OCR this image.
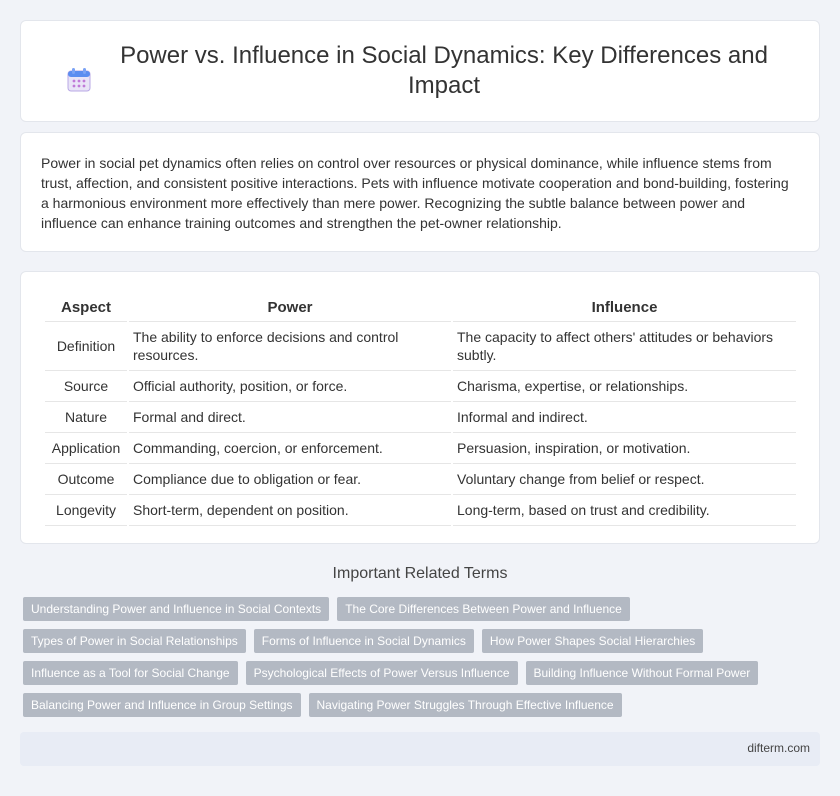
Power vs. Influence in Social Dynamics: Key Differences and Impact

Power in social pet dynamics often relies on control over resources or physical dominance, while influence stems from trust, affection, and consistent positive interactions. Pets with influence motivate cooperation and bond-building, fostering a harmonious environment more effectively than mere power. Recognizing the subtle balance between power and influence can enhance training outcomes and strengthen the pet-owner relationship.

Aspect	Power	Influence
Definition	The ability to enforce decisions and control resources.	The capacity to affect others' attitudes or behaviors subtly.
Source	Official authority, position, or force.	Charisma, expertise, or relationships.
Nature	Formal and direct.	Informal and indirect.
Application	Commanding, coercion, or enforcement.	Persuasion, inspiration, or motivation.
Outcome	Compliance due to obligation or fear.	Voluntary change from belief or respect.
Longevity	Short-term, dependent on position.	Long-term, based on trust and credibility.
Important Related Terms
Understanding Power and Influence in Social Contexts	The Core Differences Between Power and Influence
Types of Power in Social Relationships	Forms of Influence in Social Dynamics	How Power Shapes Social Hierarchies
Influence as a Tool for Social Change	Psychological Effects of Power Versus Influence	Building Influence Without Formal Power
Balancing Power and Influence in Group Settings	Navigating Power Struggles Through Effective Influence
difterm.com
